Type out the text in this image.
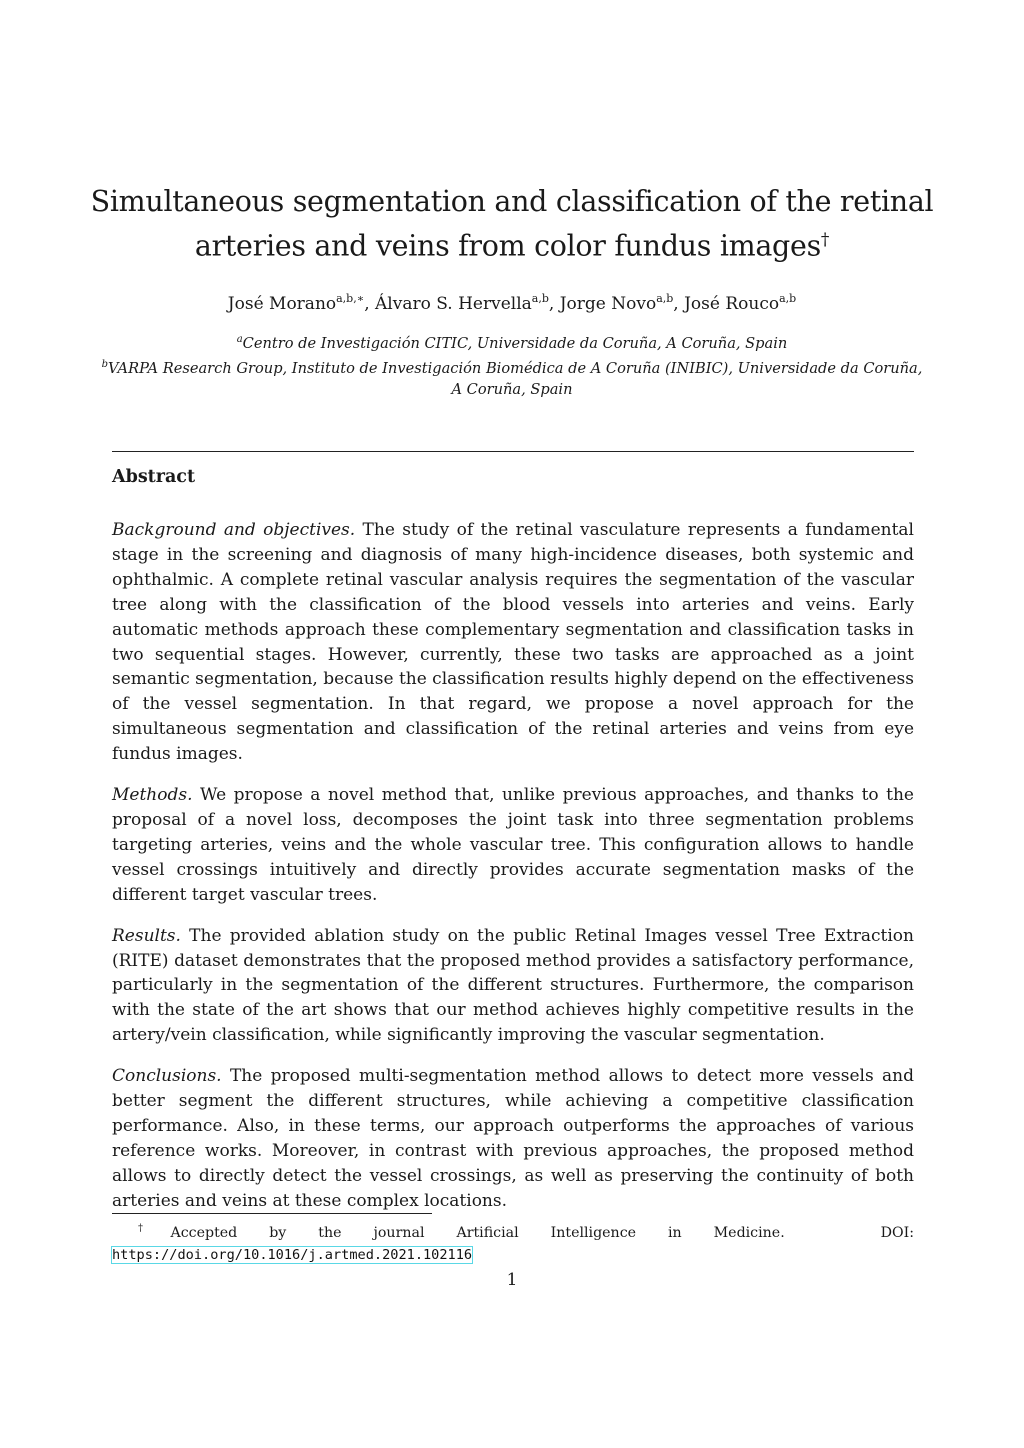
Simultaneous segmentation and classification of the retinal arteries and veins from color fundus images†
José Morano$^{a,b,∗}$, Álvaro S. Hervella$^{a,b}$, Jorge Novo$^{a,b}$, José Rouco$^{a,b}$
$^a$Centro de Investigación CITIC, Universidade da Coruña, A Coruña, Spain
$^b$VARPA Research Group, Instituto de Investigación Biomédica de A Coruña (INIBIC), Universidade da Coruña, A Coruña, Spain
Abstract

Background and objectives. The study of the retinal vasculature represents a fundamental stage in the screening and diagnosis of many high-incidence diseases, both systemic and ophthalmic. A complete retinal vascular analysis requires the segmentation of the vascular tree along with the classification of the blood vessels into arteries and veins. Early automatic methods approach these complementary segmentation and classification tasks in two sequential stages. However, currently, these two tasks are approached as a joint semantic segmentation, because the classification results highly depend on the effectiveness of the vessel segmentation. In that regard, we propose a novel approach for the simultaneous segmentation and classification of the retinal arteries and veins from eye fundus images.

Methods. We propose a novel method that, unlike previous approaches, and thanks to the proposal of a novel loss, decomposes the joint task into three segmentation problems targeting arteries, veins and the whole vascular tree. This configuration allows to handle vessel crossings intuitively and directly provides accurate segmentation masks of the different target vascular trees.

Results. The provided ablation study on the public Retinal Images vessel Tree Extraction (RITE) dataset demonstrates that the proposed method provides a satisfactory performance, particularly in the segmentation of the different structures. Furthermore, the comparison with the state of the art shows that our method achieves highly competitive results in the artery/vein classification, while significantly improving the vascular segmentation.

Conclusions. The proposed multi-segmentation method allows to detect more vessels and better segment the different structures, while achieving a competitive classification performance. Also, in these terms, our approach outperforms the approaches of various reference works. Moreover, in contrast with previous approaches, the proposed method allows to directly detect the vessel crossings, as well as preserving the continuity of both arteries and veins at these complex locations.

†Accepted by the journal Artificial Intelligence in Medicine.   DOI: https://doi.org/10.1016/j.artmed.2021.102116
1
